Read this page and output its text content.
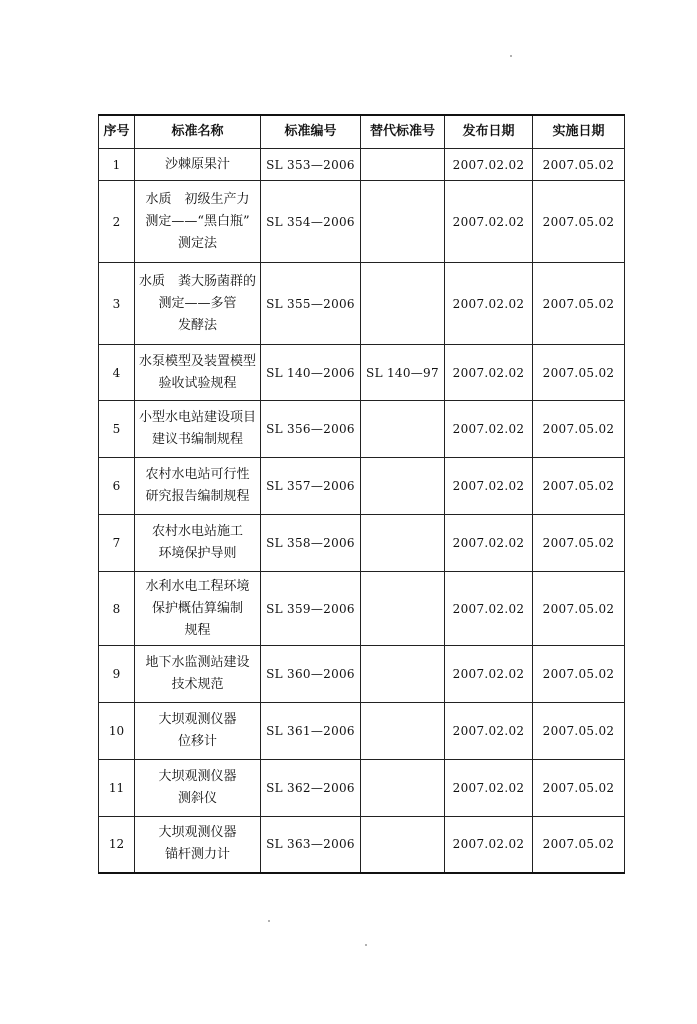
序号	标准名称	标准编号	替代标准号	发布日期	实施日期
1	沙棘原果汁	SL 353—2006		2007.02.02	2007.05.02
2	水质　初级生产力
测定——“黑白瓶”
测定法	SL 354—2006		2007.02.02	2007.05.02
3	水质　粪大肠菌群的
测定——多管
发酵法	SL 355—2006		2007.02.02	2007.05.02
4	水泵模型及装置模型
验收试验规程	SL 140—2006	SL 140—97	2007.02.02	2007.05.02
5	小型水电站建设项目
建议书编制规程	SL 356—2006		2007.02.02	2007.05.02
6	农村水电站可行性
研究报告编制规程	SL 357—2006		2007.02.02	2007.05.02
7	农村水电站施工
环境保护导则	SL 358—2006		2007.02.02	2007.05.02
8	水利水电工程环境
保护概估算编制
规程	SL 359—2006		2007.02.02	2007.05.02
9	地下水监测站建设
技术规范	SL 360—2006		2007.02.02	2007.05.02
10	大坝观测仪器
位移计	SL 361—2006		2007.02.02	2007.05.02
11	大坝观测仪器
测斜仪	SL 362—2006		2007.02.02	2007.05.02
12	大坝观测仪器
锚杆测力计	SL 363—2006		2007.02.02	2007.05.02
